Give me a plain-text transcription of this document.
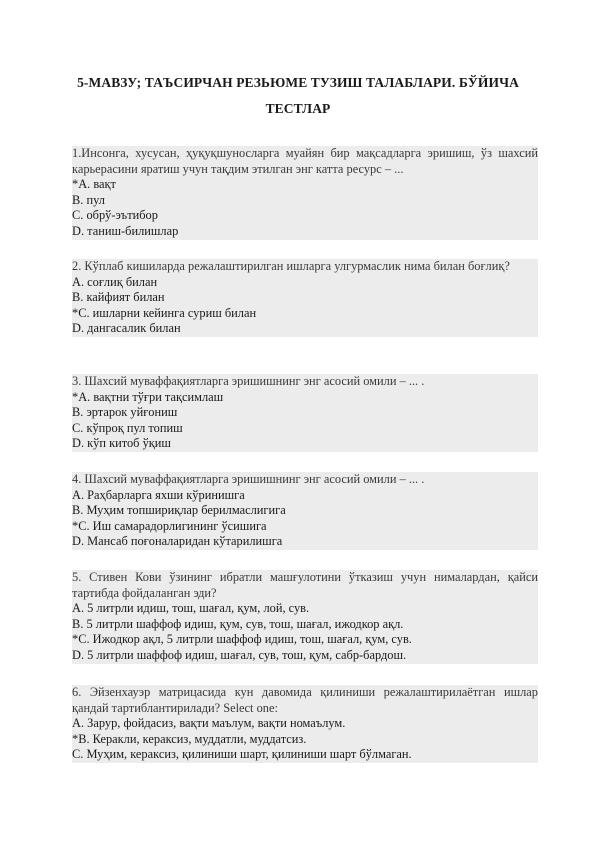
5-МАВЗУ; ТАЪСИРЧАН РЕЗЬЮМЕ ТУЗИШ ТАЛАБЛАРИ. БЎЙИЧА
ТЕСТЛАР
1.Инсонга, хусусан, ҳуқуқшуносларга муайян бир мақсадларга эришиш, ўз шахсий карьерасини яратиш учун тақдим этилган энг катта ресурс – ...
*А. вақт
В. пул
С. обрў-эътибор
D. таниш-билишлар
2. Кўплаб кишиларда режалаштирилган ишларга улгурмаслик нима билан боғлиқ?
А. соғлиқ билан
В. кайфият билан
*С. ишларни кейинга суриш билан
D. дангасалик билан
3. Шахсий муваффақиятларга эришишнинг энг асосий омили – ... .
*А. вақтни тўғри тақсимлаш
В. эртарок уйғониш
С. кўпроқ пул топиш
D. кўп китоб ўқиш
4. Шахсий муваффақиятларга эришишнинг энг асосий омили – ... .
А. Раҳбарларга яхши кўринишга
В. Муҳим топшириқлар берилмаслигига
*С. Иш самарадорлигининг ўсишига
D. Мансаб поғоналаридан кўтарилишга
5. Стивен Кови ўзининг ибратли машғулотини ўтказиш учун нималардан, қайси тартибда фойдаланган эди?
А. 5 литрли идиш, тош, шағал, қум, лой, сув.
В. 5 литрли шаффоф идиш, қум, сув, тош, шағал, ижодкор ақл.
*С. Ижодкор ақл, 5 литрли шаффоф идиш, тош, шағал, қум, сув.
D. 5 литрли шаффоф идиш, шағал, сув, тош, қум, сабр-бардош.
6. Эйзенхауэр матрицасида кун давомида қилиниши режалаштирилаётган ишлар қандай тартиблантирилади? Select one:
А. Зарур, фойдасиз, вақти маълум, вақти номаълум.
*В. Керакли, кераксиз, муддатли, муддатсиз.
С. Муҳим, кераксиз, қилиниши шарт, қилиниши шарт бўлмаган.
